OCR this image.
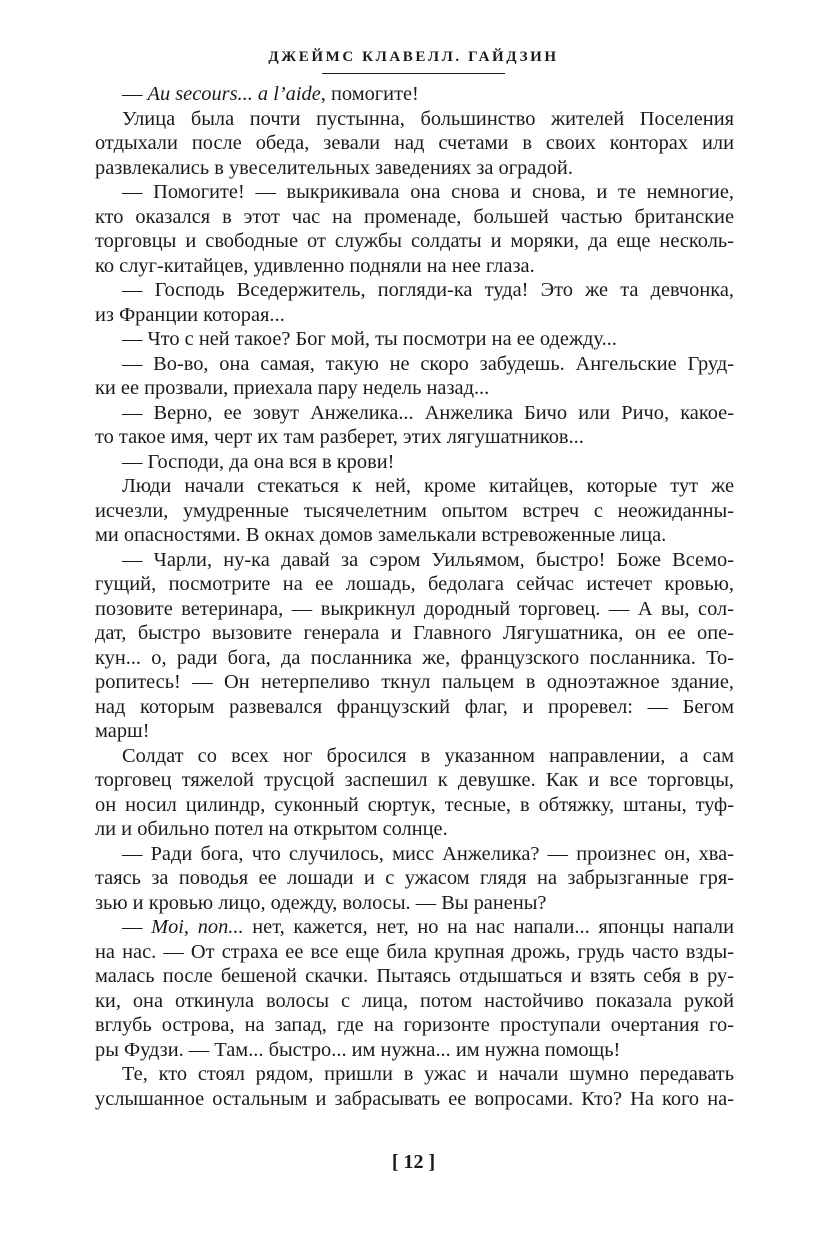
ДЖЕЙМС КЛАВЕЛЛ. ГАЙДЗИН
— Au secours... a l’aide, помогите!
Улица была почти пустынна, большинство жителей Поселения
отдыхали после обеда, зевали над счетами в своих конторах или
развлекались в увеселительных заведениях за оградой.
— Помогите! — выкрикивала она снова и снова, и те немногие,
кто оказался в этот час на променаде, большей частью британские
торговцы и свободные от службы солдаты и моряки, да еще несколь-
ко слуг-китайцев, удивленно подняли на нее глаза.
— Господь Вседержитель, погляди-ка туда! Это же та девчонка,
из Франции которая...
— Что с ней такое? Бог мой, ты посмотри на ее одежду...
— Во-во, она самая, такую не скоро забудешь. Ангельские Груд-
ки ее прозвали, приехала пару недель назад...
— Верно, ее зовут Анжелика... Анжелика Бичо или Ричо, какое-
то такое имя, черт их там разберет, этих лягушатников...
— Господи, да она вся в крови!
Люди начали стекаться к ней, кроме китайцев, которые тут же
исчезли, умудренные тысячелетним опытом встреч с неожиданны-
ми опасностями. В окнах домов замелькали встревоженные лица.
— Чарли, ну-ка давай за сэром Уильямом, быстро! Боже Всемо-
гущий, посмотрите на ее лошадь, бедолага сейчас истечет кровью,
позовите ветеринара, — выкрикнул дородный торговец. — А вы, сол-
дат, быстро вызовите генерала и Главного Лягушатника, он ее опе-
кун... о, ради бога, да посланника же, французского посланника. То-
ропитесь! — Он нетерпеливо ткнул пальцем в одноэтажное здание,
над которым развевался французский флаг, и проревел: — Бегом
марш!
Солдат со всех ног бросился в указанном направлении, а сам
торговец тяжелой трусцой заспешил к девушке. Как и все торговцы,
он носил цилиндр, суконный сюртук, тесные, в обтяжку, штаны, туф-
ли и обильно потел на открытом солнце.
— Ради бога, что случилось, мисс Анжелика? — произнес он, хва-
таясь за поводья ее лошади и с ужасом глядя на забрызганные гря-
зью и кровью лицо, одежду, волосы. — Вы ранены?
— Moi, non... нет, кажется, нет, но на нас напали... японцы напали
на нас. — От страха ее все еще била крупная дрожь, грудь часто взды-
малась после бешеной скачки. Пытаясь отдышаться и взять себя в ру-
ки, она откинула волосы с лица, потом настойчиво показала рукой
вглубь острова, на запад, где на горизонте проступали очертания го-
ры Фудзи. — Там... быстро... им нужна... им нужна помощь!
Те, кто стоял рядом, пришли в ужас и начали шумно передавать
услышанное остальным и забрасывать ее вопросами. Кто? На кого на-
[ 12 ]
